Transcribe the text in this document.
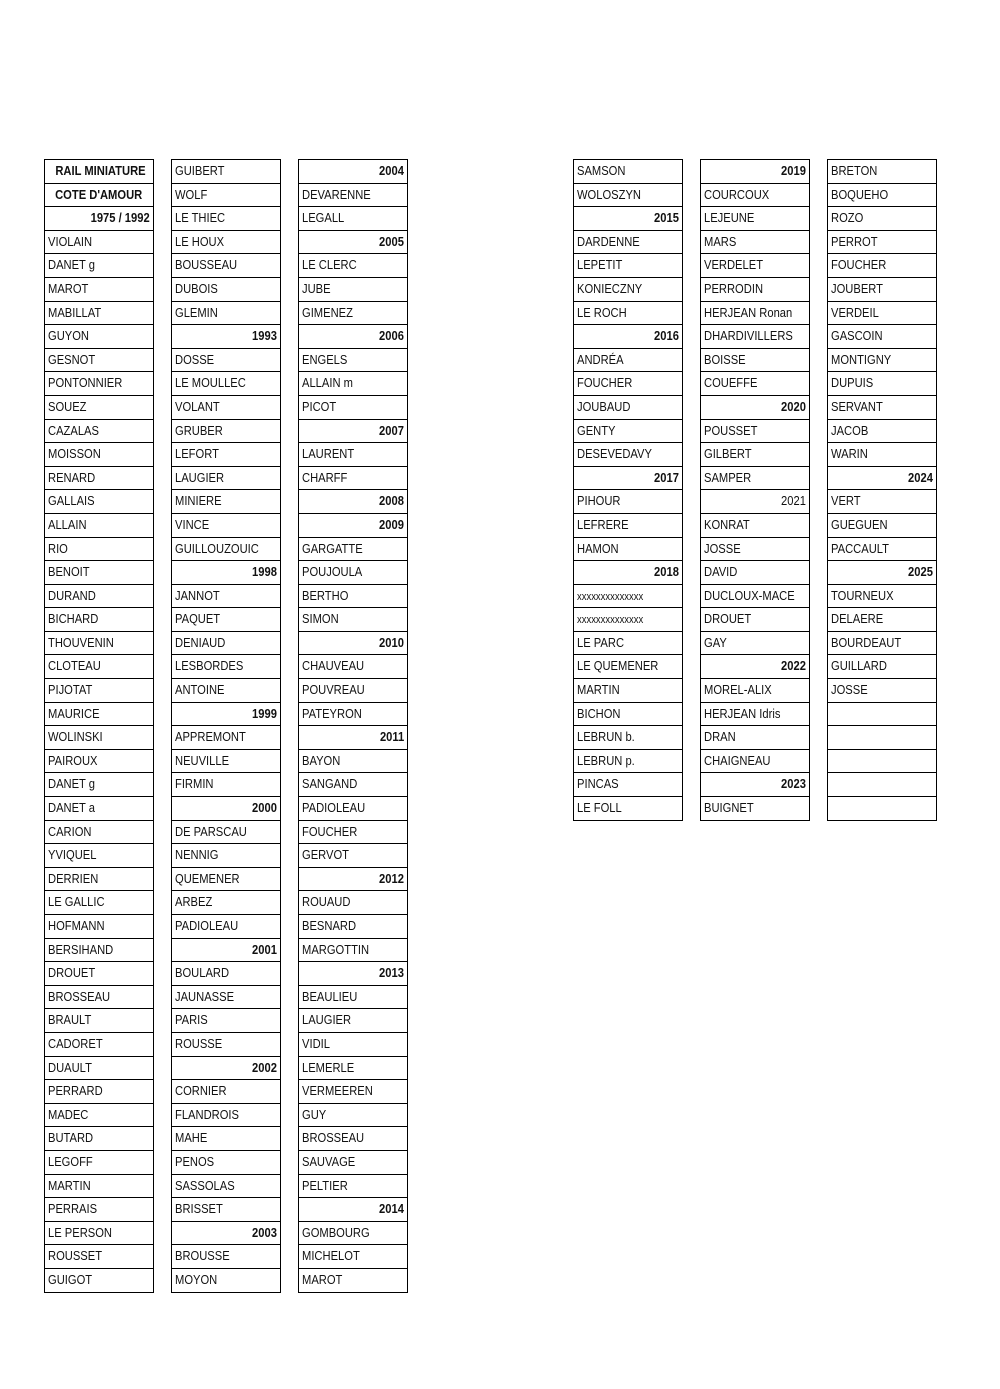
RAIL MINIATURE
COTE D'AMOUR
1975 / 1992
VIOLAIN
DANET g
MAROT
MABILLAT
GUYON
GESNOT
PONTONNIER
SOUEZ
CAZALAS
MOISSON
RENARD
GALLAIS
ALLAIN
RIO
BENOIT
DURAND
BICHARD
THOUVENIN
CLOTEAU
PIJOTAT
MAURICE
WOLINSKI
PAIROUX
DANET g
DANET a
CARION
YVIQUEL
DERRIEN
LE GALLIC
HOFMANN
BERSIHAND
DROUET
BROSSEAU
BRAULT
CADORET
DUAULT
PERRARD
MADEC
BUTARD
LEGOFF
MARTIN
PERRAIS
LE PERSON
ROUSSET
GUIGOT
GUIBERT
WOLF
LE THIEC
LE HOUX
BOUSSEAU
DUBOIS
GLEMIN
1993
DOSSE
LE MOULLEC
VOLANT
GRUBER
LEFORT
LAUGIER
MINIERE
VINCE
GUILLOUZOUIC
1998
JANNOT
PAQUET
DENIAUD
LESBORDES
ANTOINE
1999
APPREMONT
NEUVILLE
FIRMIN
2000
DE PARSCAU
NENNIG
QUEMENER
ARBEZ
PADIOLEAU
2001
BOULARD
JAUNASSE
PARIS
ROUSSE
2002
CORNIER
FLANDROIS
MAHE
PENOS
SASSOLAS
BRISSET
2003
BROUSSE
MOYON
2004
DEVARENNE
LEGALL
2005
LE CLERC
JUBE
GIMENEZ
2006
ENGELS
ALLAIN m
PICOT
2007
LAURENT
CHARFF
2008
2009
GARGATTE
POUJOULA
BERTHO
SIMON
2010
CHAUVEAU
POUVREAU
PATEYRON
2011
BAYON
SANGAND
PADIOLEAU
FOUCHER
GERVOT
2012
ROUAUD
BESNARD
MARGOTTIN
2013
BEAULIEU
LAUGIER
VIDIL
LEMERLE
VERMEEREN
GUY
BROSSEAU
SAUVAGE
PELTIER
2014
GOMBOURG
MICHELOT
MAROT
SAMSON
WOLOSZYN
2015
DARDENNE
LEPETIT
KONIECZNY
LE ROCH
2016
ANDRÉA
FOUCHER
JOUBAUD
GENTY
DESEVEDAVY
2017
PIHOUR
LEFRERE
HAMON
2018
xxxxxxxxxxxxxx
xxxxxxxxxxxxxx
LE PARC
LE QUEMENER
MARTIN
BICHON
LEBRUN b.
LEBRUN p.
PINCAS
LE FOLL
2019
COURCOUX
LEJEUNE
MARS
VERDELET
PERRODIN
HERJEAN Ronan
DHARDIVILLERS
BOISSE
COUEFFE
2020
POUSSET
GILBERT
SAMPER
2021
KONRAT
JOSSE
DAVID
DUCLOUX-MACE
DROUET
GAY
2022
MOREL-ALIX
HERJEAN Idris
DRAN
CHAIGNEAU
2023
BUIGNET
BRETON
BOQUEHO
ROZO
PERROT
FOUCHER
JOUBERT
VERDEIL
GASCOIN
MONTIGNY
DUPUIS
SERVANT
JACOB
WARIN
2024
VERT
GUEGUEN
PACCAULT
2025
TOURNEUX
DELAERE
BOURDEAUT
GUILLARD
JOSSE
